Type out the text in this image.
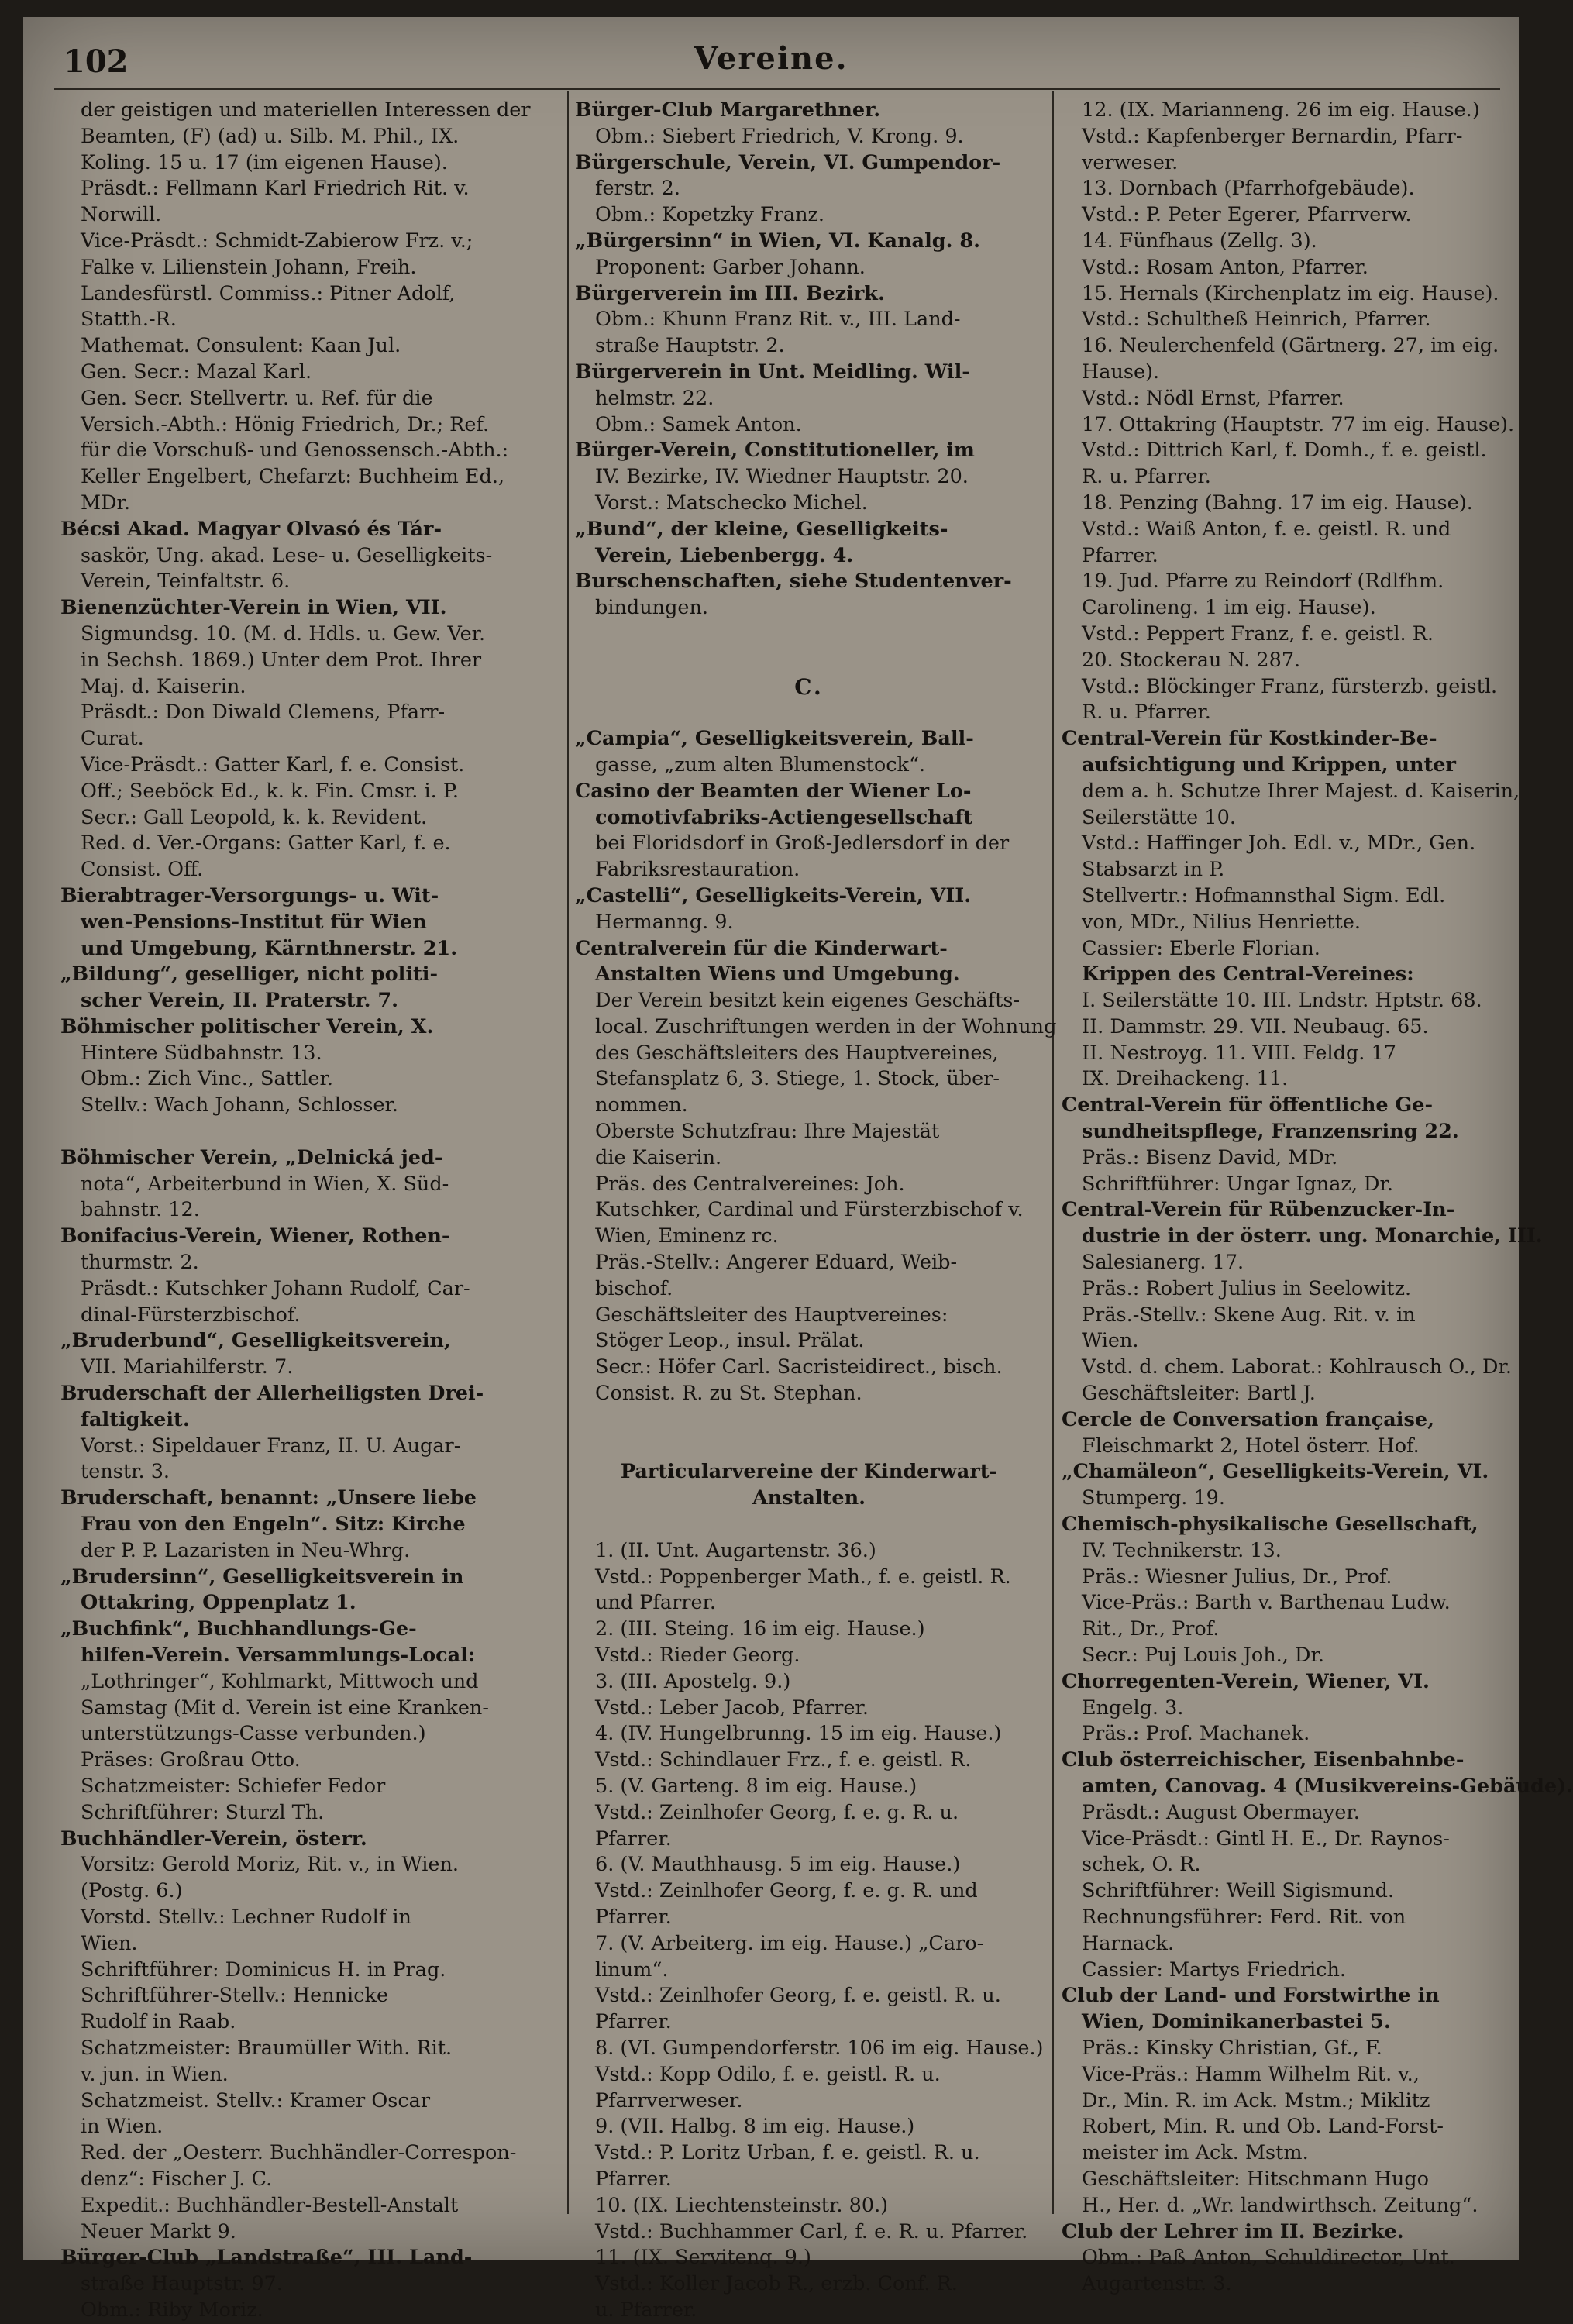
102	Vereine.
der geistigen und materiellen Interessen der
Beamten, (F) (ad) u. Silb. M. Phil., IX.
Koling. 15 u. 17 (im eigenen Hause).
Präsdt.: Fellmann Karl Friedrich Rit. v.
Norwill.
Vice-Präsdt.: Schmidt-Zabierow Frz. v.;
Falke v. Lilienstein Johann, Freih.
Landesfürstl. Commiss.: Pitner Adolf,
Statth.-R.
Mathemat. Consulent: Kaan Jul.
Gen. Secr.: Mazal Karl.
Gen. Secr. Stellvertr. u. Ref. für die
Versich.-Abth.: Hönig Friedrich, Dr.; Ref.
für die Vorschuß- und Genossensch.-Abth.:
Keller Engelbert, Chefarzt: Buchheim Ed.,
MDr.
Bécsi Akad. Magyar Olvasó és Tár-
saskör, Ung. akad. Lese- u. Geselligkeits-
Verein, Teinfaltstr. 6.
Bienenzüchter-Verein in Wien, VII.
Sigmundsg. 10. (M. d. Hdls. u. Gew. Ver.
in Sechsh. 1869.) Unter dem Prot. Ihrer
Maj. d. Kaiserin.
Präsdt.: Don Diwald Clemens, Pfarr-
Curat.
Vice-Präsdt.: Gatter Karl, f. e. Consist.
Off.; Seeböck Ed., k. k. Fin. Cmsr. i. P.
Secr.: Gall Leopold, k. k. Revident.
Red. d. Ver.-Organs: Gatter Karl, f. e.
Consist. Off.
Bierabtrager-Versorgungs- u. Wit-
wen-Pensions-Institut für Wien
und Umgebung, Kärnthnerstr. 21.
„Bildung“, geselliger, nicht politi-
scher Verein, II. Praterstr. 7.
Böhmischer politischer Verein, X.
Hintere Südbahnstr. 13.
Obm.: Zich Vinc., Sattler.
Stellv.: Wach Johann, Schlosser.
Böhmischer Verein, „Delnická jed-
nota“, Arbeiterbund in Wien, X. Süd-
bahnstr. 12.
Bonifacius-Verein, Wiener, Rothen-
thurmstr. 2.
Präsdt.: Kutschker Johann Rudolf, Car-
dinal-Fürsterzbischof.
„Bruderbund“, Geselligkeitsverein,
VII. Mariahilferstr. 7.
Bruderschaft der Allerheiligsten Drei-
faltigkeit.
Vorst.: Sipeldauer Franz, II. U. Augar-
tenstr. 3.
Bruderschaft, benannt: „Unsere liebe
Frau von den Engeln“. Sitz: Kirche
der P. P. Lazaristen in Neu-Whrg.
„Brudersinn“, Geselligkeitsverein in
Ottakring, Oppenplatz 1.
„Buchfink“, Buchhandlungs-Ge-
hilfen-Verein. Versammlungs-Local:
„Lothringer“, Kohlmarkt, Mittwoch und
Samstag (Mit d. Verein ist eine Kranken-
unterstützungs-Casse verbunden.)
Präses: Großrau Otto.
Schatzmeister: Schiefer Fedor
Schriftführer: Sturzl Th.
Buchhändler-Verein, österr.
Vorsitz: Gerold Moriz, Rit. v., in Wien.
(Postg. 6.)
Vorstd. Stellv.: Lechner Rudolf in
Wien.
Schriftführer: Dominicus H. in Prag.
Schriftführer-Stellv.: Hennicke
Rudolf in Raab.
Schatzmeister: Braumüller With. Rit.
v. jun. in Wien.
Schatzmeist. Stellv.: Kramer Oscar
in Wien.
Red. der „Oesterr. Buchhändler-Correspon-
denz“: Fischer J. C.
Expedit.: Buchhändler-Bestell-Anstalt
Neuer Markt 9.
Bürger-Club „Landstraße“, III. Land-
straße Hauptstr. 97.
Obm.: Riby Moriz.
Bürger-Club Margarethner.
Obm.: Siebert Friedrich, V. Krong. 9.
Bürgerschule, Verein, VI. Gumpendor-
ferstr. 2.
Obm.: Kopetzky Franz.
„Bürgersinn“ in Wien, VI. Kanalg. 8.
Proponent: Garber Johann.
Bürgerverein im III. Bezirk.
Obm.: Khunn Franz Rit. v., III. Land-
straße Hauptstr. 2.
Bürgerverein in Unt. Meidling. Wil-
helmstr. 22.
Obm.: Samek Anton.
Bürger-Verein, Constitutioneller, im
IV. Bezirke, IV. Wiedner Hauptstr. 20.
Vorst.: Matschecko Michel.
„Bund“, der kleine, Geselligkeits-
Verein, Liebenbergg. 4.
Burschenschaften, siehe Studentenver-
bindungen.
C.
„Campia“, Geselligkeitsverein, Ball-
gasse, „zum alten Blumenstock“.
Casino der Beamten der Wiener Lo-
comotivfabriks-Actiengesellschaft
bei Floridsdorf in Groß-Jedlersdorf in der
Fabriksrestauration.
„Castelli“, Geselligkeits-Verein, VII.
Hermanng. 9.
Centralverein für die Kinderwart-
Anstalten Wiens und Umgebung.
Der Verein besitzt kein eigenes Geschäfts-
local. Zuschriftungen werden in der Wohnung
des Geschäftsleiters des Hauptvereines,
Stefansplatz 6, 3. Stiege, 1. Stock, über-
nommen.
Oberste Schutzfrau: Ihre Majestät
die Kaiserin.
Präs. des Centralvereines: Joh.
Kutschker, Cardinal und Fürsterzbischof v.
Wien, Eminenz rc.
Präs.-Stellv.: Angerer Eduard, Weib-
bischof.
Geschäftsleiter des Hauptvereines:
Stöger Leop., insul. Prälat.
Secr.: Höfer Carl. Sacristeidirect., bisch.
Consist. R. zu St. Stephan.
Particularvereine der Kinderwart-
Anstalten.
1. (II. Unt. Augartenstr. 36.)
Vstd.: Poppenberger Math., f. e. geistl. R.
und Pfarrer.
2. (III. Steing. 16 im eig. Hause.)
Vstd.: Rieder Georg.
3. (III. Apostelg. 9.)
Vstd.: Leber Jacob, Pfarrer.
4. (IV. Hungelbrunng. 15 im eig. Hause.)
Vstd.: Schindlauer Frz., f. e. geistl. R.
5. (V. Garteng. 8 im eig. Hause.)
Vstd.: Zeinlhofer Georg, f. e. g. R. u.
Pfarrer.
6. (V. Mauthhausg. 5 im eig. Hause.)
Vstd.: Zeinlhofer Georg, f. e. g. R. und
Pfarrer.
7. (V. Arbeiterg. im eig. Hause.) „Caro-
linum“.
Vstd.: Zeinlhofer Georg, f. e. geistl. R. u.
Pfarrer.
8. (VI. Gumpendorferstr. 106 im eig. Hause.)
Vstd.: Kopp Odilo, f. e. geistl. R. u.
Pfarrverweser.
9. (VII. Halbg. 8 im eig. Hause.)
Vstd.: P. Loritz Urban, f. e. geistl. R. u.
Pfarrer.
10. (IX. Liechtensteinstr. 80.)
Vstd.: Buchhammer Carl, f. e. R. u. Pfarrer.
11. (IX. Servitenq. 9.)
Vstd.: Koller Jacob R., erzb. Conf. R.
u. Pfarrer.
12. (IX. Marianneng. 26 im eig. Hause.)
Vstd.: Kapfenberger Bernardin, Pfarr-
verweser.
13. Dornbach (Pfarrhofgebäude).
Vstd.: P. Peter Egerer, Pfarrverw.
14. Fünfhaus (Zellg. 3).
Vstd.: Rosam Anton, Pfarrer.
15. Hernals (Kirchenplatz im eig. Hause).
Vstd.: Schultheß Heinrich, Pfarrer.
16. Neulerchenfeld (Gärtnerg. 27, im eig.
Hause).
Vstd.: Nödl Ernst, Pfarrer.
17. Ottakring (Hauptstr. 77 im eig. Hause).
Vstd.: Dittrich Karl, f. Domh., f. e. geistl.
R. u. Pfarrer.
18. Penzing (Bahng. 17 im eig. Hause).
Vstd.: Waiß Anton, f. e. geistl. R. und
Pfarrer.
19. Jud. Pfarre zu Reindorf (Rdlfhm.
Carolineng. 1 im eig. Hause).
Vstd.: Peppert Franz, f. e. geistl. R.
20. Stockerau N. 287.
Vstd.: Blöckinger Franz, fürsterzb. geistl.
R. u. Pfarrer.
Central-Verein für Kostkinder-Be-
aufsichtigung und Krippen, unter
dem a. h. Schutze Ihrer Majest. d. Kaiserin,
Seilerstätte 10.
Vstd.: Haffinger Joh. Edl. v., MDr., Gen.
Stabsarzt in P.
Stellvertr.: Hofmannsthal Sigm. Edl.
von, MDr., Nilius Henriette.
Cassier: Eberle Florian.
Krippen des Central-Vereines:
I. Seilerstätte 10. III. Lndstr. Hptstr. 68.
II. Dammstr. 29. VII. Neubaug. 65.
II. Nestroyg. 11. VIII. Feldg. 17
IX. Dreihackeng. 11.
Central-Verein für öffentliche Ge-
sundheitspflege, Franzensring 22.
Präs.: Bisenz David, MDr.
Schriftführer: Ungar Ignaz, Dr.
Central-Verein für Rübenzucker-In-
dustrie in der österr. ung. Monarchie, III.
Salesianerg. 17.
Präs.: Robert Julius in Seelowitz.
Präs.-Stellv.: Skene Aug. Rit. v. in
Wien.
Vstd. d. chem. Laborat.: Kohlrausch O., Dr.
Geschäftsleiter: Bartl J.
Cercle de Conversation française,
Fleischmarkt 2, Hotel österr. Hof.
„Chamäleon“, Geselligkeits-Verein, VI.
Stumperg. 19.
Chemisch-physikalische Gesellschaft,
IV. Technikerstr. 13.
Präs.: Wiesner Julius, Dr., Prof.
Vice-Präs.: Barth v. Barthenau Ludw.
Rit., Dr., Prof.
Secr.: Puj Louis Joh., Dr.
Chorregenten-Verein, Wiener, VI.
Engelg. 3.
Präs.: Prof. Machanek.
Club österreichischer, Eisenbahnbe-
amten, Canovag. 4 (Musikvereins-Gebäude).
Präsdt.: August Obermayer.
Vice-Präsdt.: Gintl H. E., Dr. Raynos-
schek, O. R.
Schriftführer: Weill Sigismund.
Rechnungsführer: Ferd. Rit. von
Harnack.
Cassier: Martys Friedrich.
Club der Land- und Forstwirthe in
Wien, Dominikanerbastei 5.
Präs.: Kinsky Christian, Gf., F.
Vice-Präs.: Hamm Wilhelm Rit. v.,
Dr., Min. R. im Ack. Mstm.; Miklitz
Robert, Min. R. und Ob. Land-Forst-
meister im Ack. Mstm.
Geschäftsleiter: Hitschmann Hugo
H., Her. d. „Wr. landwirthsch. Zeitung“.
Club der Lehrer im II. Bezirke.
Obm.: Paß Anton, Schuldirector, Unt.
Augartenstr. 3.
